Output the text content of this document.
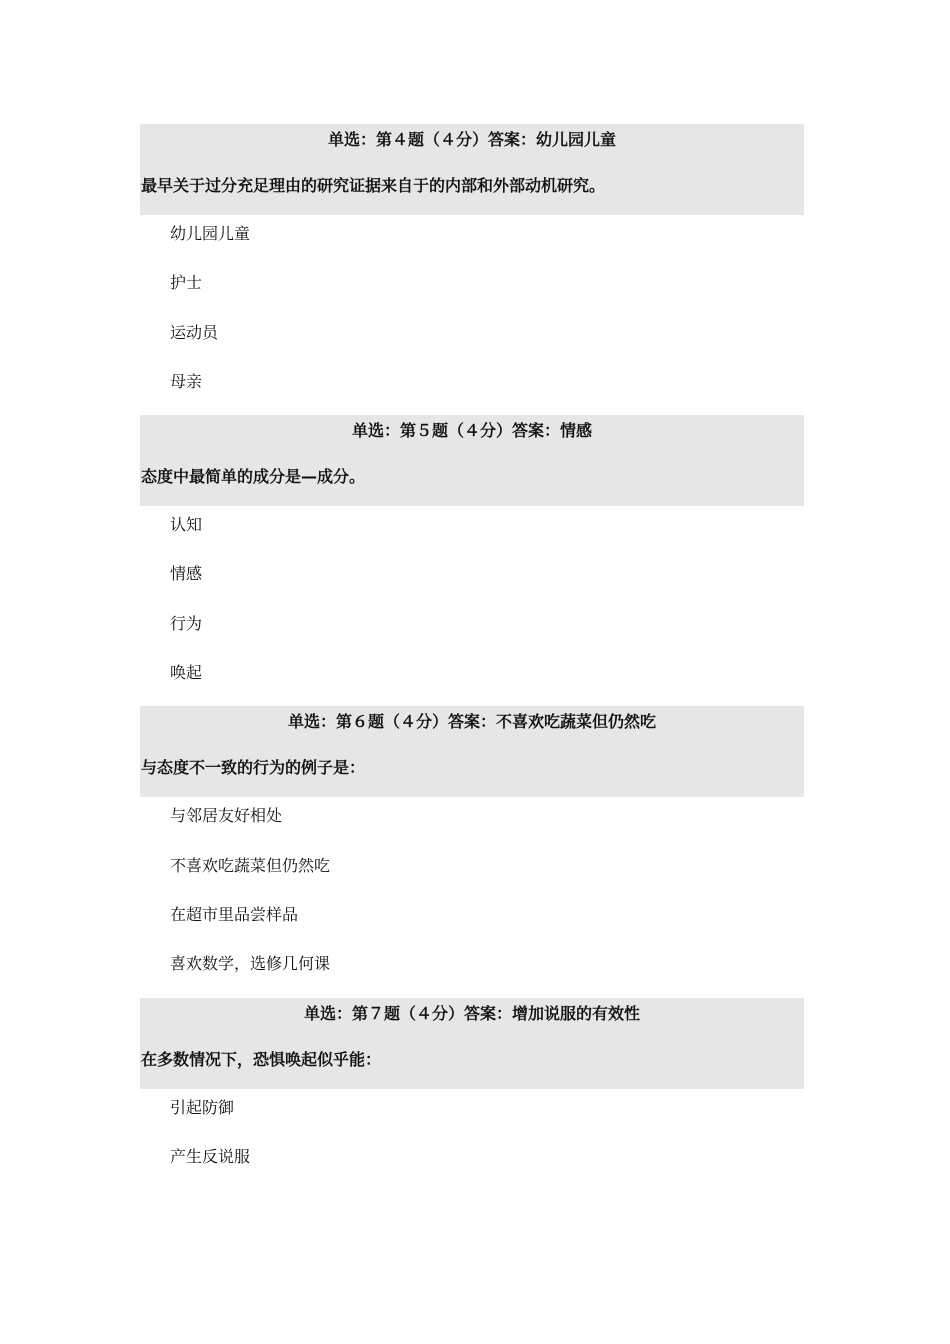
单选：第４题（４分）答案：幼儿园儿童
最早关于过分充足理由的研究证据来自于的内部和外部动机研究。
幼儿园儿童
护士
运动员
母亲
单选：第５题（４分）答案：情感
态度中最简单的成分是—成分。
认知
情感
行为
唤起
单选：第６题（４分）答案：不喜欢吃蔬菜但仍然吃
与态度不一致的行为的例子是：
与邻居友好相处
不喜欢吃蔬菜但仍然吃
在超市里品尝样品
喜欢数学，选修几何课
单选：第７题（４分）答案：增加说服的有效性
在多数情况下，恐惧唤起似乎能：
引起防御
产生反说服
